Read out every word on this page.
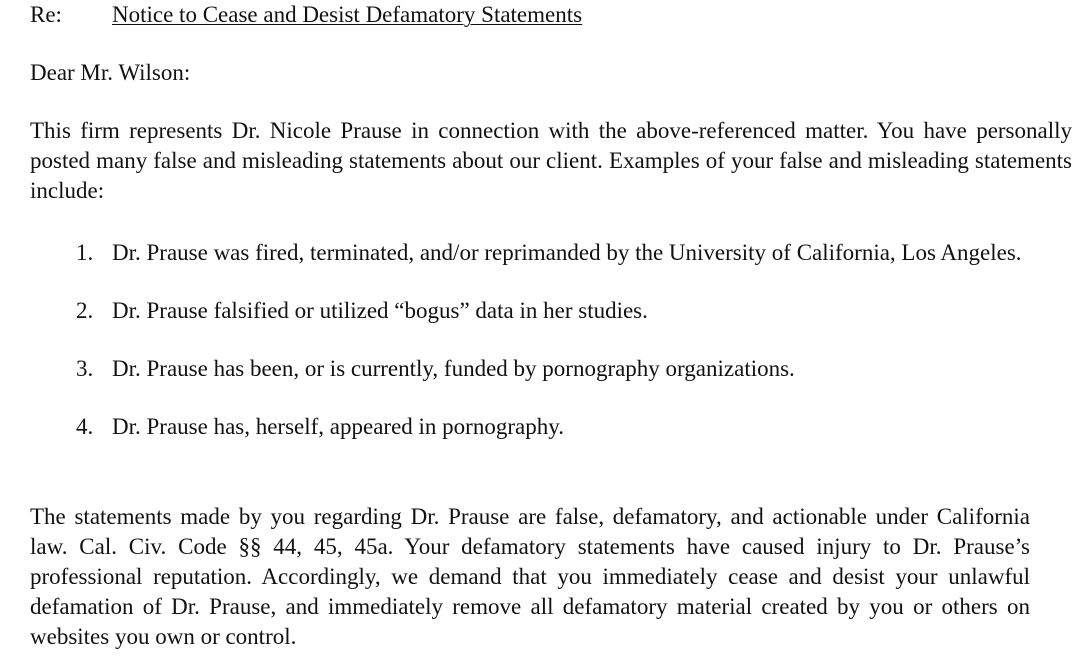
Re: Notice to Cease and Desist Defamatory Statements
Dear Mr. Wilson:

This firm represents Dr. Nicole Prause in connection with the above-referenced matter. You have personally posted many false and misleading statements about our client. Examples of your false and misleading statements include:

1. Dr. Prause was fired, terminated, and/or reprimanded by the University of California, Los Angeles.
2. Dr. Prause falsified or utilized “bogus” data in her studies.
3. Dr. Prause has been, or is currently, funded by pornography organizations.
4. Dr. Prause has, herself, appeared in pornography.

The statements made by you regarding Dr. Prause are false, defamatory, and actionable under California law. Cal. Civ. Code §§ 44, 45, 45a. Your defamatory statements have caused injury to Dr. Prause’s professional reputation. Accordingly, we demand that you immediately cease and desist your unlawful defamation of Dr. Prause, and immediately remove all defamatory material created by you or others on websites you own or control.
